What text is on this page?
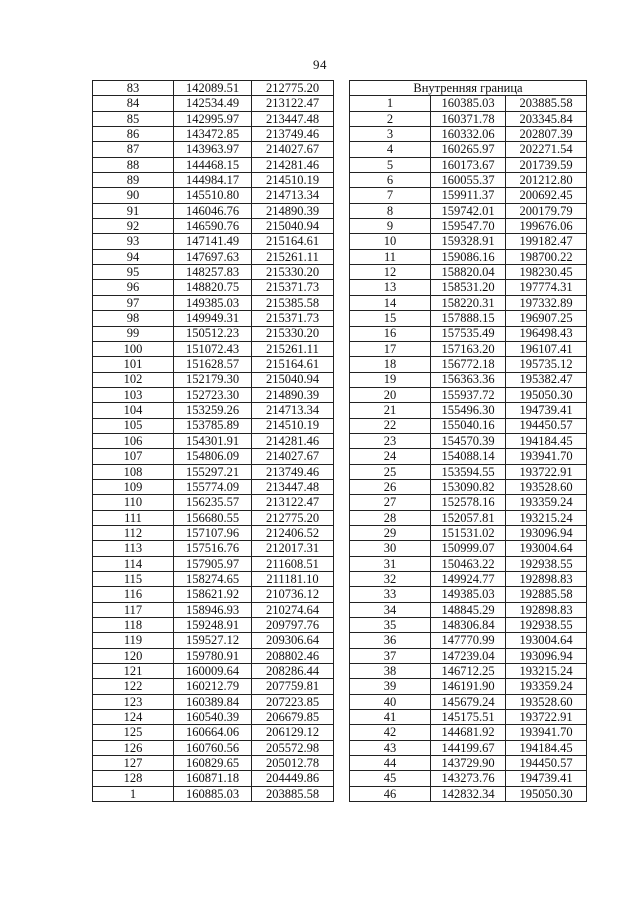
94
83	142089.51	212775.20
84	142534.49	213122.47
85	142995.97	213447.48
86	143472.85	213749.46
87	143963.97	214027.67
88	144468.15	214281.46
89	144984.17	214510.19
90	145510.80	214713.34
91	146046.76	214890.39
92	146590.76	215040.94
93	147141.49	215164.61
94	147697.63	215261.11
95	148257.83	215330.20
96	148820.75	215371.73
97	149385.03	215385.58
98	149949.31	215371.73
99	150512.23	215330.20
100	151072.43	215261.11
101	151628.57	215164.61
102	152179.30	215040.94
103	152723.30	214890.39
104	153259.26	214713.34
105	153785.89	214510.19
106	154301.91	214281.46
107	154806.09	214027.67
108	155297.21	213749.46
109	155774.09	213447.48
110	156235.57	213122.47
111	156680.55	212775.20
112	157107.96	212406.52
113	157516.76	212017.31
114	157905.97	211608.51
115	158274.65	211181.10
116	158621.92	210736.12
117	158946.93	210274.64
118	159248.91	209797.76
119	159527.12	209306.64
120	159780.91	208802.46
121	160009.64	208286.44
122	160212.79	207759.81
123	160389.84	207223.85
124	160540.39	206679.85
125	160664.06	206129.12
126	160760.56	205572.98
127	160829.65	205012.78
128	160871.18	204449.86
1	160885.03	203885.58
Внутренняя граница		
1	160385.03	203885.58
2	160371.78	203345.84
3	160332.06	202807.39
4	160265.97	202271.54
5	160173.67	201739.59
6	160055.37	201212.80
7	159911.37	200692.45
8	159742.01	200179.79
9	159547.70	199676.06
10	159328.91	199182.47
11	159086.16	198700.22
12	158820.04	198230.45
13	158531.20	197774.31
14	158220.31	197332.89
15	157888.15	196907.25
16	157535.49	196498.43
17	157163.20	196107.41
18	156772.18	195735.12
19	156363.36	195382.47
20	155937.72	195050.30
21	155496.30	194739.41
22	155040.16	194450.57
23	154570.39	194184.45
24	154088.14	193941.70
25	153594.55	193722.91
26	153090.82	193528.60
27	152578.16	193359.24
28	152057.81	193215.24
29	151531.02	193096.94
30	150999.07	193004.64
31	150463.22	192938.55
32	149924.77	192898.83
33	149385.03	192885.58
34	148845.29	192898.83
35	148306.84	192938.55
36	147770.99	193004.64
37	147239.04	193096.94
38	146712.25	193215.24
39	146191.90	193359.24
40	145679.24	193528.60
41	145175.51	193722.91
42	144681.92	193941.70
43	144199.67	194184.45
44	143729.90	194450.57
45	143273.76	194739.41
46	142832.34	195050.30
